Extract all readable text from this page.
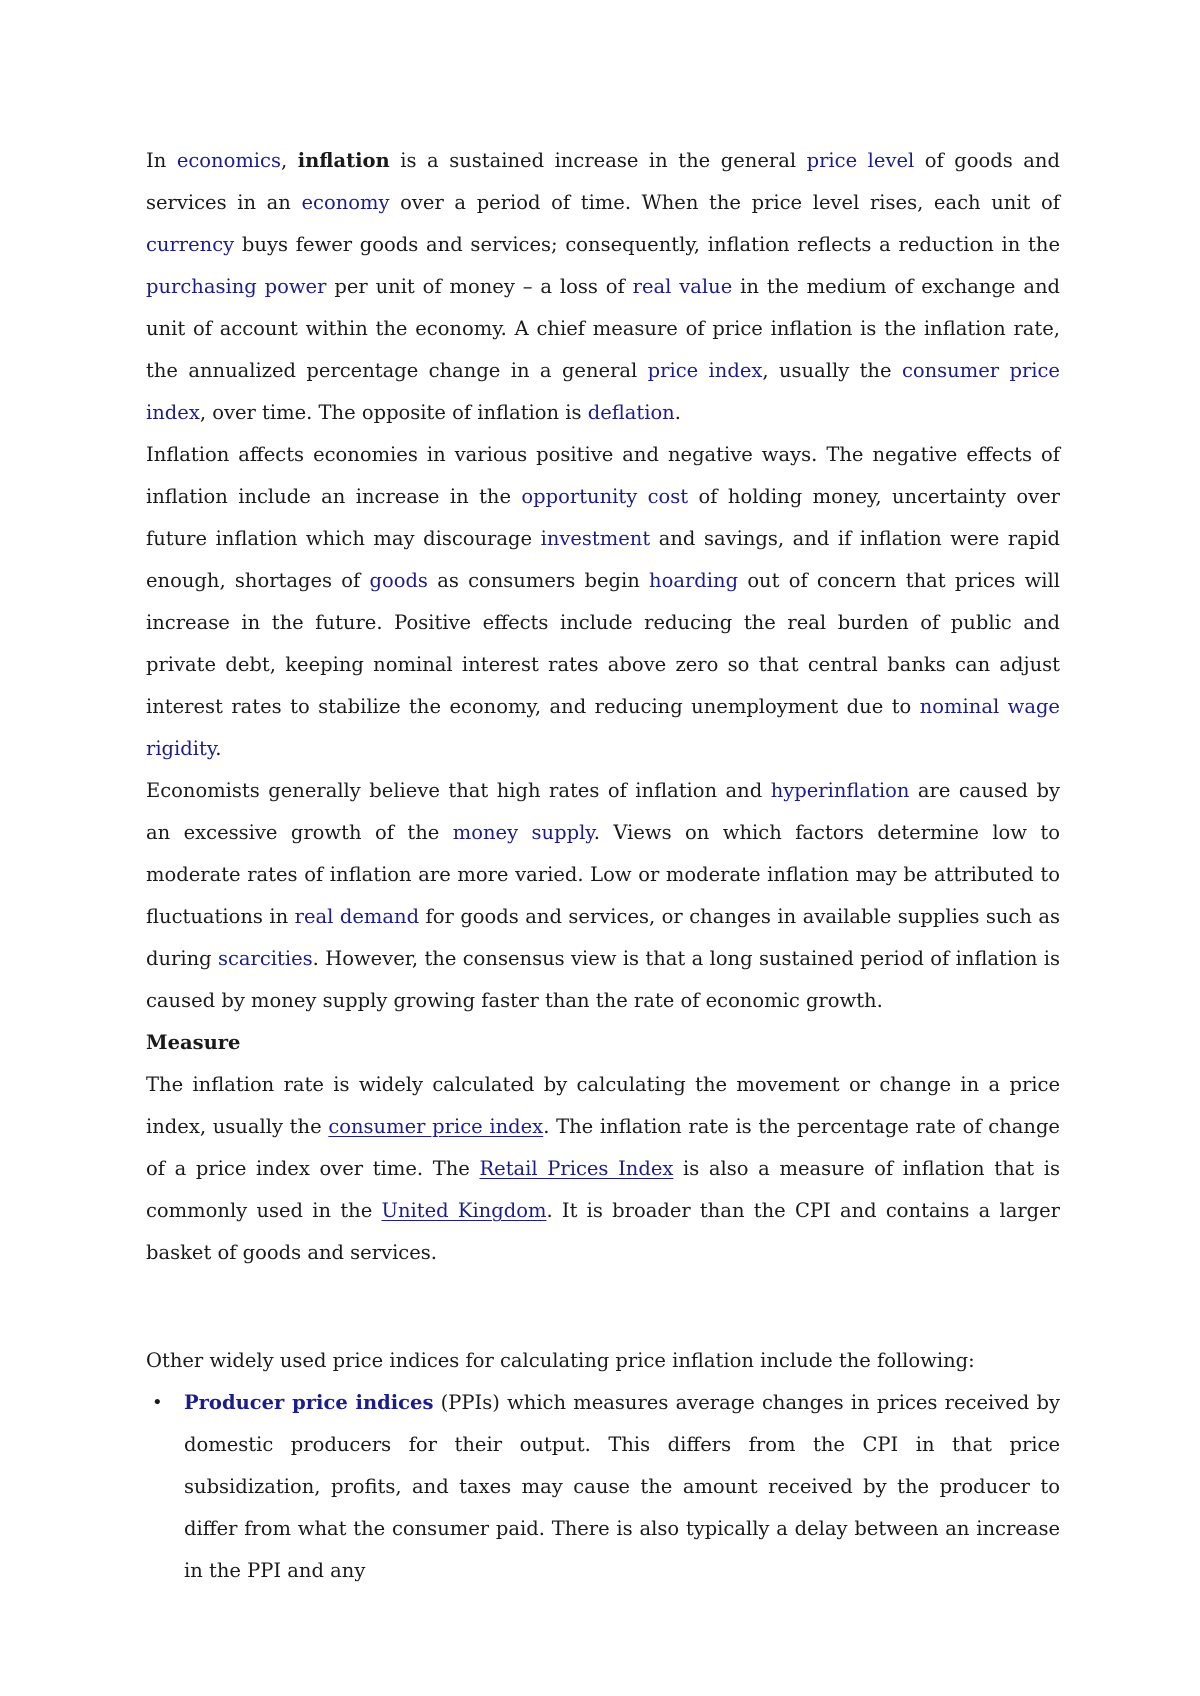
In economics, inflation is a sustained increase in the general price level of goods and services in an economy over a period of time. When the price level rises, each unit of currency buys fewer goods and services; consequently, inflation reflects a reduction in the purchasing power per unit of money – a loss of real value in the medium of exchange and unit of account within the economy. A chief measure of price inflation is the inflation rate, the annualized percentage change in a general price index, usually the consumer price index, over time. The opposite of inflation is deflation.

Inflation affects economies in various positive and negative ways. The negative effects of inflation include an increase in the opportunity cost of holding money, uncertainty over future inflation which may discourage investment and savings, and if inflation were rapid enough, shortages of goods as consumers begin hoarding out of concern that prices will increase in the future. Positive effects include reducing the real burden of public and private debt, keeping nominal interest rates above zero so that central banks can adjust interest rates to stabilize the economy, and reducing unemployment due to nominal wage rigidity.

Economists generally believe that high rates of inflation and hyperinflation are caused by an excessive growth of the money supply. Views on which factors determine low to moderate rates of inflation are more varied. Low or moderate inflation may be attributed to fluctuations in real demand for goods and services, or changes in available supplies such as during scarcities. However, the consensus view is that a long sustained period of inflation is caused by money supply growing faster than the rate of economic growth.

Measure

The inflation rate is widely calculated by calculating the movement or change in a price index, usually the consumer price index. The inflation rate is the percentage rate of change of a price index over time. The Retail Prices Index is also a measure of inflation that is commonly used in the United Kingdom. It is broader than the CPI and contains a larger basket of goods and services.

Other widely used price indices for calculating price inflation include the following:

• Producer price indices (PPIs) which measures average changes in prices received by domestic producers for their output. This differs from the CPI in that price subsidization, profits, and taxes may cause the amount received by the producer to differ from what the consumer paid. There is also typically a delay between an increase in the PPI and any
